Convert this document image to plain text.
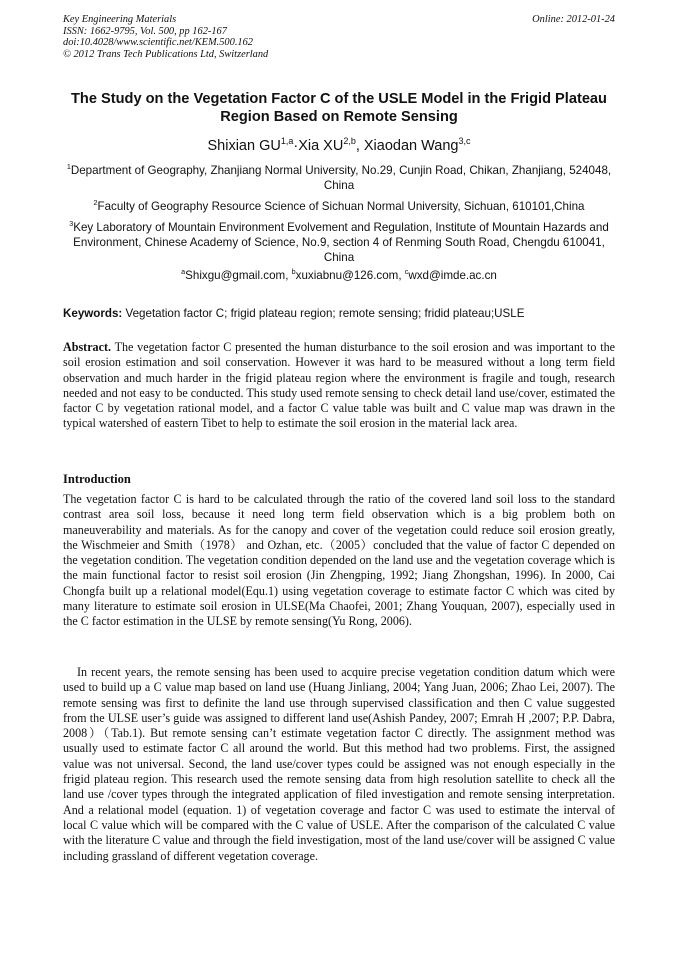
Key Engineering Materials
ISSN: 1662-9795, Vol. 500, pp 162-167
doi:10.4028/www.scientific.net/KEM.500.162
© 2012 Trans Tech Publications Ltd, Switzerland
Online: 2012-01-24
The Study on the Vegetation Factor C of the USLE Model in the Frigid Plateau Region Based on Remote Sensing
Shixian GU$^{1,a}$·Xia XU$^{2,b}$, Xiaodan Wang$^{3,c}$
$^1$Department of Geography, Zhanjiang Normal University, No.29, Cunjin Road, Chikan, Zhanjiang, 524048, China
$^2$Faculty of Geography Resource Science of Sichuan Normal University, Sichuan, 610101,China
$^3$Key Laboratory of Mountain Environment Evolvement and Regulation, Institute of Mountain Hazards and Environment, Chinese Academy of Science, No.9, section 4 of Renming South Road, Chengdu 610041, China
$^a$Shixgu@gmail.com, $^b$xuxiabnu@126.com, $^c$wxd@imde.ac.cn
Keywords: Vegetation factor C; frigid plateau region; remote sensing; fridid plateau;USLE
Abstract. The vegetation factor C presented the human disturbance to the soil erosion and was important to the soil erosion estimation and soil conservation. However it was hard to be measured without a long term field observation and much harder in the frigid plateau region where the environment is fragile and tough, research needed and not easy to be conducted. This study used remote sensing to check detail land use/cover, estimated the factor C by vegetation rational model, and a factor C value table was built and C value map was drawn in the typical watershed of eastern Tibet to help to estimate the soil erosion in the material lack area.
Introduction

The vegetation factor C is hard to be calculated through the ratio of the covered land soil loss to the standard contrast area soil loss, because it need long term field observation which is a big problem both on maneuverability and materials. As for the canopy and cover of the vegetation could reduce soil erosion greatly, the Wischmeier and Smith（1978） and Ozhan, etc.（2005）concluded that the value of factor C depended on the vegetation condition. The vegetation condition depended on the land use and the vegetation coverage which is the main functional factor to resist soil erosion (Jin Zhengping, 1992; Jiang Zhongshan, 1996). In 2000, Cai Chongfa built up a relational model(Equ.1) using vegetation coverage to estimate factor C which was cited by many literature to estimate soil erosion in ULSE(Ma Chaofei, 2001; Zhang Youquan, 2007), especially used in the C factor estimation in the ULSE by remote sensing(Yu Rong, 2006).

In recent years, the remote sensing has been used to acquire precise vegetation condition datum which were used to build up a C value map based on land use (Huang Jinliang, 2004; Yang Juan, 2006; Zhao Lei, 2007). The remote sensing was first to definite the land use through supervised classification and then C value suggested from the ULSE user’s guide was assigned to different land use(Ashish Pandey, 2007; Emrah H ,2007; P.P. Dabra, 2008）（Tab.1). But remote sensing can’t estimate vegetation factor C directly. The assignment method was usually used to estimate factor C all around the world. But this method had two problems. First, the assigned value was not universal. Second, the land use/cover types could be assigned was not enough especially in the frigid plateau region. This research used the remote sensing data from high resolution satellite to check all the land use /cover types through the integrated application of filed investigation and remote sensing interpretation. And a relational model (equation. 1) of vegetation coverage and factor C was used to estimate the interval of local C value which will be compared with the C value of USLE. After the comparison of the calculated C value with the literature C value and through the field investigation, most of the land use/cover will be assigned C value including grassland of different vegetation coverage.
